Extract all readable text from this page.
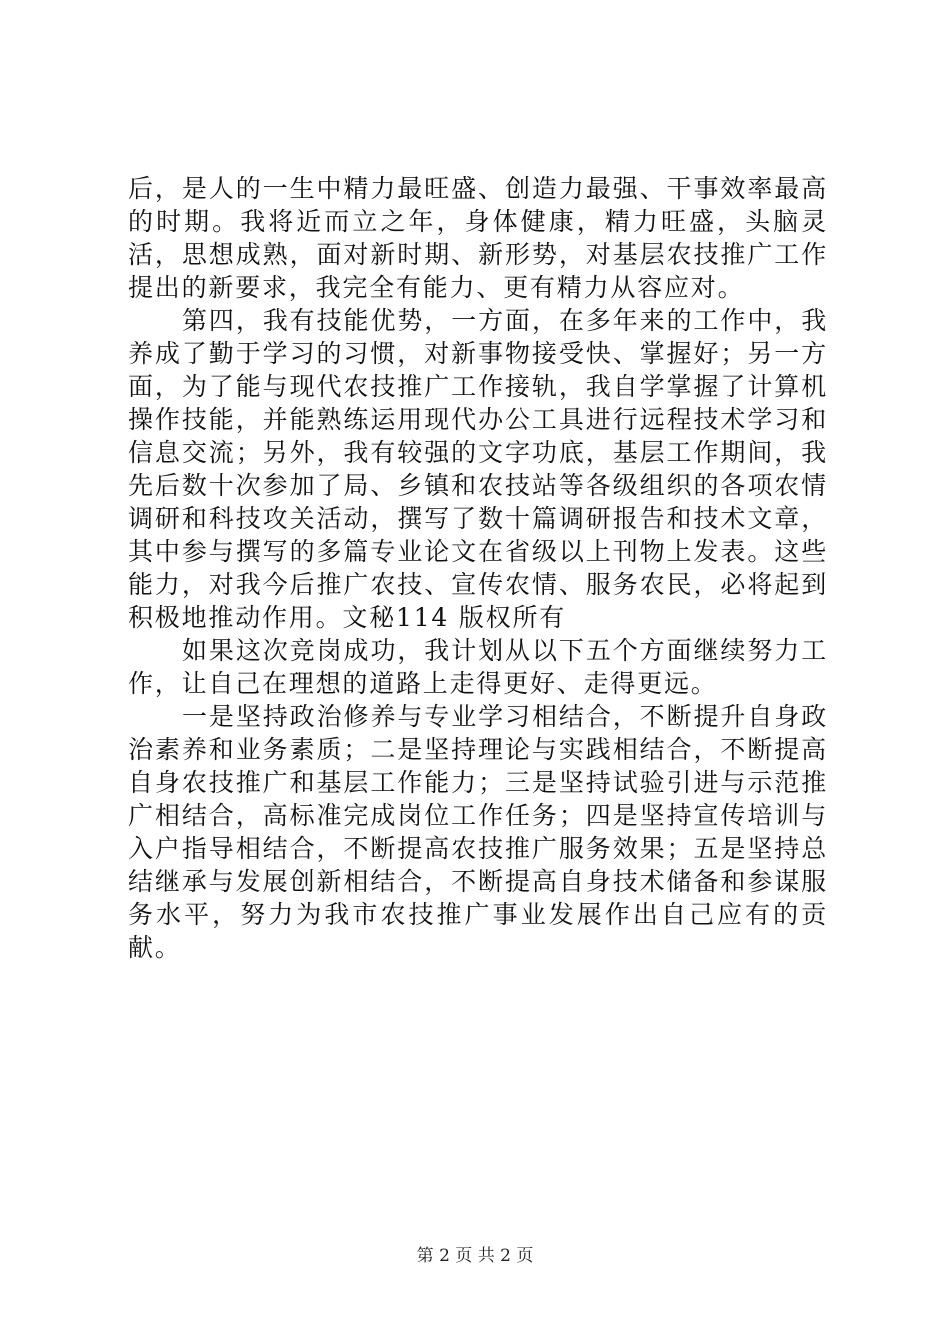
后，是人的一生中精力最旺盛、创造力最强、干事效率最高的时期。我将近而立之年，身体健康，精力旺盛，头脑灵活，思想成熟，面对新时期、新形势，对基层农技推广工作提出的新要求，我完全有能力、更有精力从容应对。

第四，我有技能优势，一方面，在多年来的工作中，我养成了勤于学习的习惯，对新事物接受快、掌握好；另一方面，为了能与现代农技推广工作接轨，我自学掌握了计算机操作技能，并能熟练运用现代办公工具进行远程技术学习和信息交流；另外，我有较强的文字功底，基层工作期间，我先后数十次参加了局、乡镇和农技站等各级组织的各项农情调研和科技攻关活动，撰写了数十篇调研报告和技术文章，其中参与撰写的多篇专业论文在省级以上刊物上发表。这些能力，对我今后推广农技、宣传农情、服务农民，必将起到积极地推动作用。文秘114 版权所有

如果这次竞岗成功，我计划从以下五个方面继续努力工作，让自己在理想的道路上走得更好、走得更远。

一是坚持政治修养与专业学习相结合，不断提升自身政治素养和业务素质；二是坚持理论与实践相结合，不断提高自身农技推广和基层工作能力；三是坚持试验引进与示范推广相结合，高标准完成岗位工作任务；四是坚持宣传培训与入户指导相结合，不断提高农技推广服务效果；五是坚持总结继承与发展创新相结合，不断提高自身技术储备和参谋服务水平，努力为我市农技推广事业发展作出自己应有的贡献。

第 2 页 共 2 页
